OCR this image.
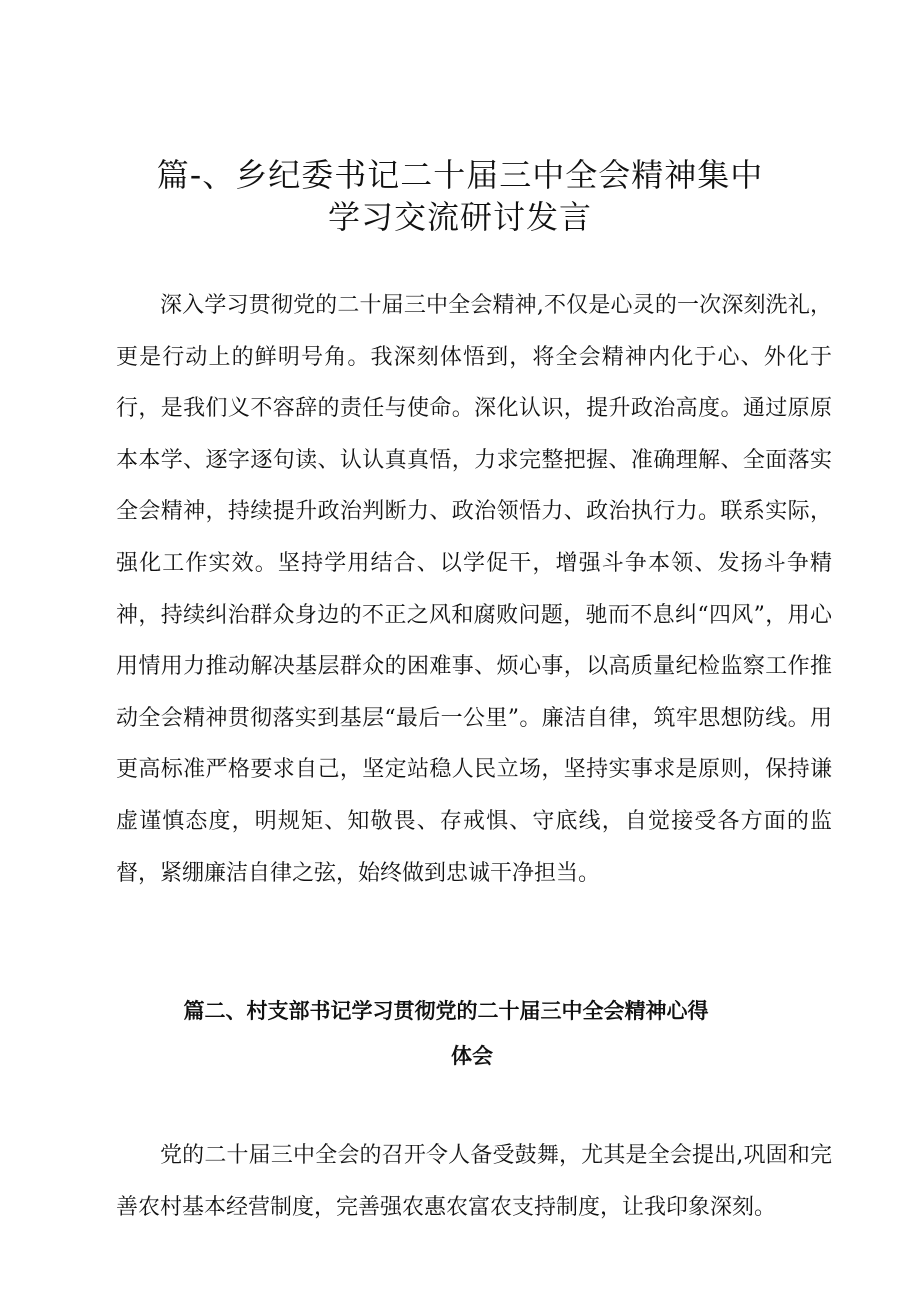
篇-、乡纪委书记二十届三中全会精神集中
学习交流研讨发言

深入学习贯彻党的二十届三中全会精神,不仅是心灵的一次深刻洗礼，更是行动上的鲜明号角。我深刻体悟到，将全会精神内化于心、外化于行，是我们义不容辞的责任与使命。深化认识，提升政治高度。通过原原本本学、逐字逐句读、认认真真悟，力求完整把握、准确理解、全面落实全会精神，持续提升政治判断力、政治领悟力、政治执行力。联系实际，强化工作实效。坚持学用结合、以学促干，增强斗争本领、发扬斗争精神，持续纠治群众身边的不正之风和腐败问题，驰而不息纠“四风”，用心用情用力推动解决基层群众的困难事、烦心事，以高质量纪检监察工作推动全会精神贯彻落实到基层“最后一公里”。廉洁自律，筑牢思想防线。用更高标准严格要求自己，坚定站稳人民立场，坚持实事求是原则，保持谦虚谨慎态度，明规矩、知敬畏、存戒惧、守底线，自觉接受各方面的监督，紧绷廉洁自律之弦，始终做到忠诚干净担当。

篇二、村支部书记学习贯彻党的二十届三中全会精神心得
体会

党的二十届三中全会的召开令人备受鼓舞，尤其是全会提出,巩固和完善农村基本经营制度，完善强农惠农富农支持制度，让我印象深刻。
